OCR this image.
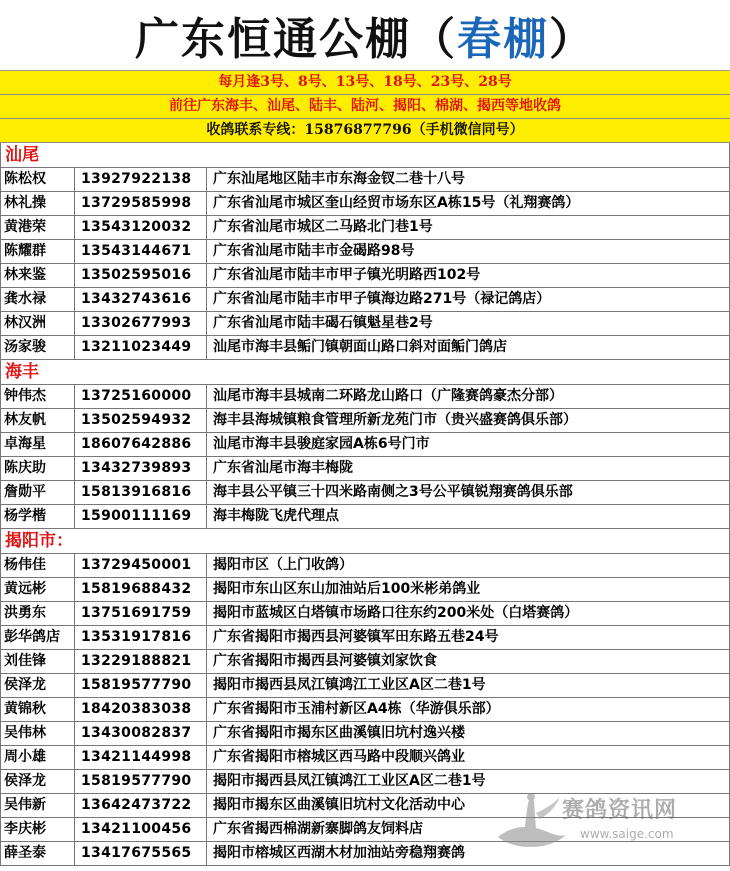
广东恒通公棚（春棚）
每月逢3号、8号、13号、18号、23号、28号
前往广东海丰、汕尾、陆丰、陆河、揭阳、棉湖、揭西等地收鸽
收鸽联系专线：15876877796（手机微信同号）
汕尾
陈松权	13927922138	广东汕尾地区陆丰市东海金钗二巷十八号
林礼操	13729585998	广东省汕尾市城区奎山经贸市场东区A栋15号（礼翔赛鸽）
黄港荣	13543120032	广东省汕尾市城区二马路北门巷1号
陈耀群	13543144671	广东省汕尾市陆丰市金碣路98号
林来鉴	13502595016	广东省汕尾市陆丰市甲子镇光明路西102号
龚水禄	13432743616	广东省汕尾市陆丰市甲子镇海边路271号（禄记鸽店）
林汉洲	13302677993	广东省汕尾市陆丰碣石镇魁星巷2号
汤家骏	13211023449	汕尾市海丰县鲘门镇朝面山路口斜对面鲘门鸽店
海丰
钟伟杰	13725160000	汕尾市海丰县城南二环路龙山路口（广隆赛鸽豪杰分部）
林友帆	13502594932	海丰县海城镇粮食管理所新龙苑门市（贵兴盛赛鸽俱乐部）
卓海星	18607642886	汕尾市海丰县骏庭家园A栋6号门市
陈庆助	13432739893	广东省汕尾市海丰梅陇
詹勋平	15813916816	海丰县公平镇三十四米路南侧之3号公平镇锐翔赛鸽俱乐部
杨学楷	15900111169	海丰梅陇飞虎代理点
揭阳市：
杨伟佳	13729450001	揭阳市区（上门收鸽）
黄远彬	15819688432	揭阳市东山区东山加油站后100米彬弟鸽业
洪勇东	13751691759	揭阳市蓝城区白塔镇市场路口往东约200米处（白塔赛鸽）
彭华鸽店	13531917816	广东省揭阳市揭西县河婆镇军田东路五巷24号
刘佳锋	13229188821	广东省揭阳市揭西县河婆镇刘家饮食
侯泽龙	15819577790	揭阳市揭西县凤江镇鸿江工业区A区二巷1号
黄锦秋	18420383038	广东省揭阳市玉浦村新区A4栋（华游俱乐部）
吴伟林	13430082837	广东省揭阳市揭东区曲溪镇旧坑村逸兴楼
周小雄	13421144998	广东省揭阳市榕城区西马路中段顺兴鸽业
侯泽龙	15819577790	揭阳市揭西县凤江镇鸿江工业区A区二巷1号
吴伟新	13642473722	揭阳市揭东区曲溪镇旧坑村文化活动中心
李庆彬	13421100456	广东省揭西棉湖新寨脚鸽友饲料店
薛圣泰	13417675565	揭阳市榕城区西湖木材加油站旁稳翔赛鸽
赛鸽资讯网
www.saige.com
